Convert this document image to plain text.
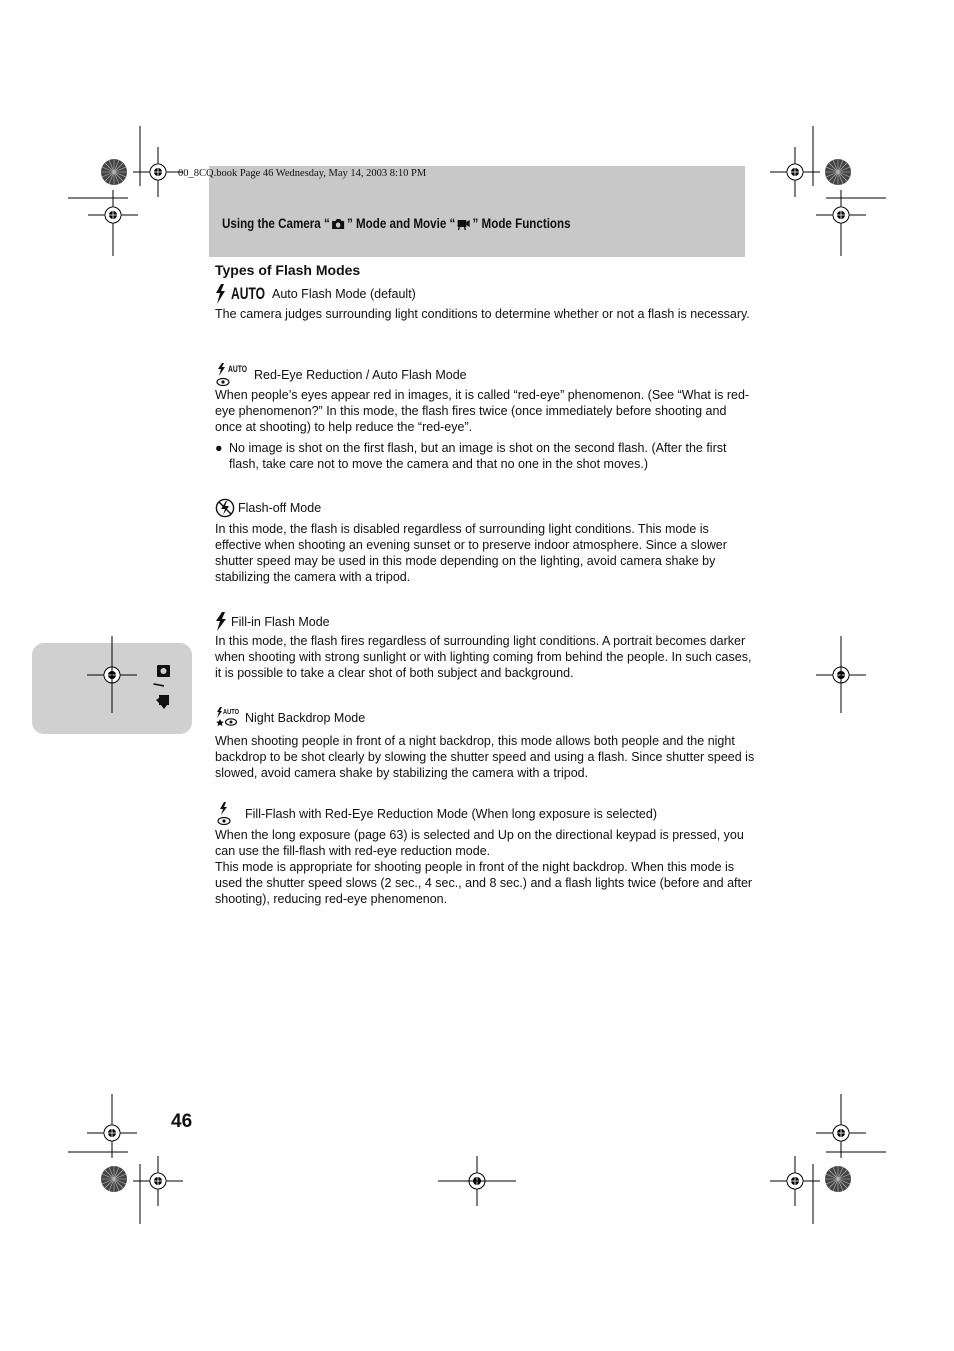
00_8CQ.book Page 46 Wednesday, May 14, 2003 8:10 PM
Using the Camera “ ” Mode and Movie “ ” Mode Functions
/
Types of Flash Modes
AUTO Auto Flash Mode (default)
The camera judges surrounding light conditions to determine whether or not a flash is necessary.
AUTO Red-Eye Reduction / Auto Flash Mode
When people’s eyes appear red in images, it is called “red-eye” phenomenon. (See “What is red-eye phenomenon?” In this mode, the flash fires twice (once immediately before shooting and once at shooting) to help reduce the “red-eye”.
● No image is shot on the first flash, but an image is shot on the second flash. (After the first flash, take care not to move the camera and that no one in the shot moves.)
Flash-off Mode
In this mode, the flash is disabled regardless of surrounding light conditions. This mode is effective when shooting an evening sunset or to preserve indoor atmosphere. Since a slower shutter speed may be used in this mode depending on the lighting, avoid camera shake by stabilizing the camera with a tripod.
Fill-in Flash Mode
In this mode, the flash fires regardless of surrounding light conditions. A portrait becomes darker when shooting with strong sunlight or with lighting coming from behind the people. In such cases, it is possible to take a clear shot of both subject and background.
AUTO Night Backdrop Mode
When shooting people in front of a night backdrop, this mode allows both people and the night backdrop to be shot clearly by slowing the shutter speed and using a flash. Since shutter speed is slowed, avoid camera shake by stabilizing the camera with a tripod.
Fill-Flash with Red-Eye Reduction Mode (When long exposure is selected)
When the long exposure (page 63) is selected and Up on the directional keypad is pressed, you can use the fill-flash with red-eye reduction mode.
This mode is appropriate for shooting people in front of the night backdrop. When this mode is used the shutter speed slows (2 sec., 4 sec., and 8 sec.) and a flash lights twice (before and after shooting), reducing red-eye phenomenon.
46
